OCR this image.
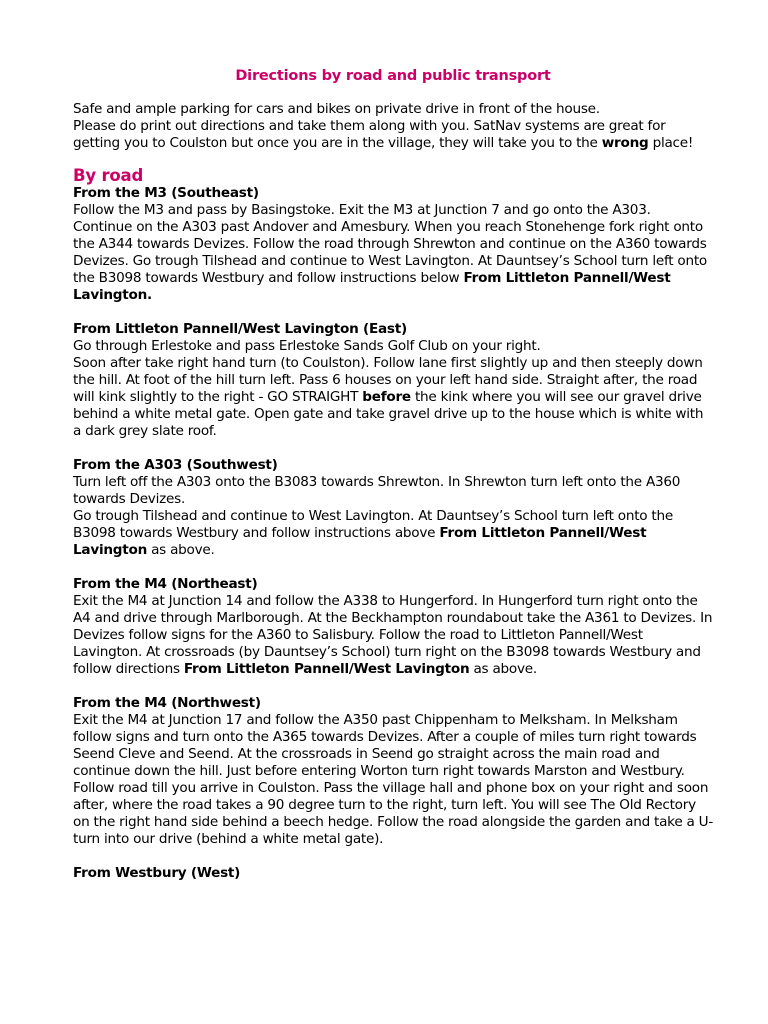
Directions by road and public transport

Safe and ample parking for cars and bikes on private drive in front of the house.
Please do print out directions and take them along with you. SatNav systems are great for getting you to Coulston but once you are in the village, they will take you to the wrong place!

By road

From the M3 (Southeast)
Follow the M3 and pass by Basingstoke. Exit the M3 at Junction 7 and go onto the A303. Continue on the A303 past Andover and Amesbury. When you reach Stonehenge fork right onto the A344 towards Devizes. Follow the road through Shrewton and continue on the A360 towards Devizes. Go trough Tilshead and continue to West Lavington. At Dauntsey’s School turn left onto the B3098 towards Westbury and follow instructions below From Littleton Pannell/West Lavington.

From Littleton Pannell/West Lavington (East)
Go through Erlestoke and pass Erlestoke Sands Golf Club on your right.
Soon after take right hand turn (to Coulston). Follow lane first slightly up and then steeply down the hill. At foot of the hill turn left. Pass 6 houses on your left hand side. Straight after, the road will kink slightly to the right - GO STRAIGHT before the kink where you will see our gravel drive behind a white metal gate. Open gate and take gravel drive up to the house which is white with a dark grey slate roof.

From the A303 (Southwest)
Turn left off the A303 onto the B3083 towards Shrewton. In Shrewton turn left onto the A360 towards Devizes.
Go trough Tilshead and continue to West Lavington. At Dauntsey’s School turn left onto the B3098 towards Westbury and follow instructions above From Littleton Pannell/West Lavington as above.

From the M4 (Northeast)
Exit the M4 at Junction 14 and follow the A338 to Hungerford. In Hungerford turn right onto the A4 and drive through Marlborough. At the Beckhampton roundabout take the A361 to Devizes. In Devizes follow signs for the A360 to Salisbury. Follow the road to Littleton Pannell/West Lavington. At crossroads (by Dauntsey’s School) turn right on the B3098 towards Westbury and follow directions From Littleton Pannell/West Lavington as above.

From the M4 (Northwest)
Exit the M4 at Junction 17 and follow the A350 past Chippenham to Melksham. In Melksham follow signs and turn onto the A365 towards Devizes. After a couple of miles turn right towards Seend Cleve and Seend. At the crossroads in Seend go straight across the main road and continue down the hill. Just before entering Worton turn right towards Marston and Westbury. Follow road till you arrive in Coulston. Pass the village hall and phone box on your right and soon after, where the road takes a 90 degree turn to the right, turn left. You will see The Old Rectory on the right hand side behind a beech hedge. Follow the road alongside the garden and take a U-turn into our drive (behind a white metal gate).

From Westbury (West)
